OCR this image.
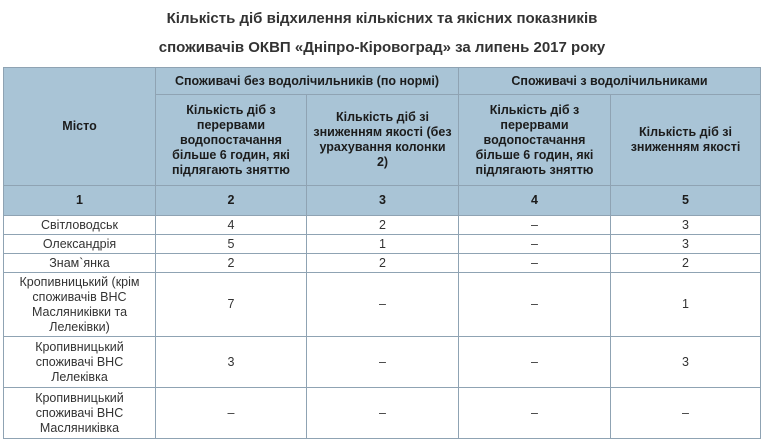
Кількість діб відхилення кількісних та якісних показників
споживачів ОКВП «Дніпро-Кіровоград» за липень 2017 року
Місто	Споживачі без водолічильників (по нормі)		Споживачі з водолічильниками	
	Кількість діб з перервами водопостачання більше 6 годин, які підлягають зняттю	Кількість діб зі зниженням якості (без урахування колонки 2)	Кількість діб з перервами водопостачання більше 6 годин, які підлягають зняттю	Кількість діб зі зниженням якості
1	2	3	4	5
Світловодськ	4	2	–	3
Олександрія	5	1	–	3
Знам`янка	2	2	–	2
Кропивницький (крім споживачів ВНС Масляниківки та Лелеківки)	7	–	–	1
Кропивницький споживачі ВНС Лелеківка	3	–	–	3
Кропивницький споживачі ВНС Масляниківка	–	–	–	–
